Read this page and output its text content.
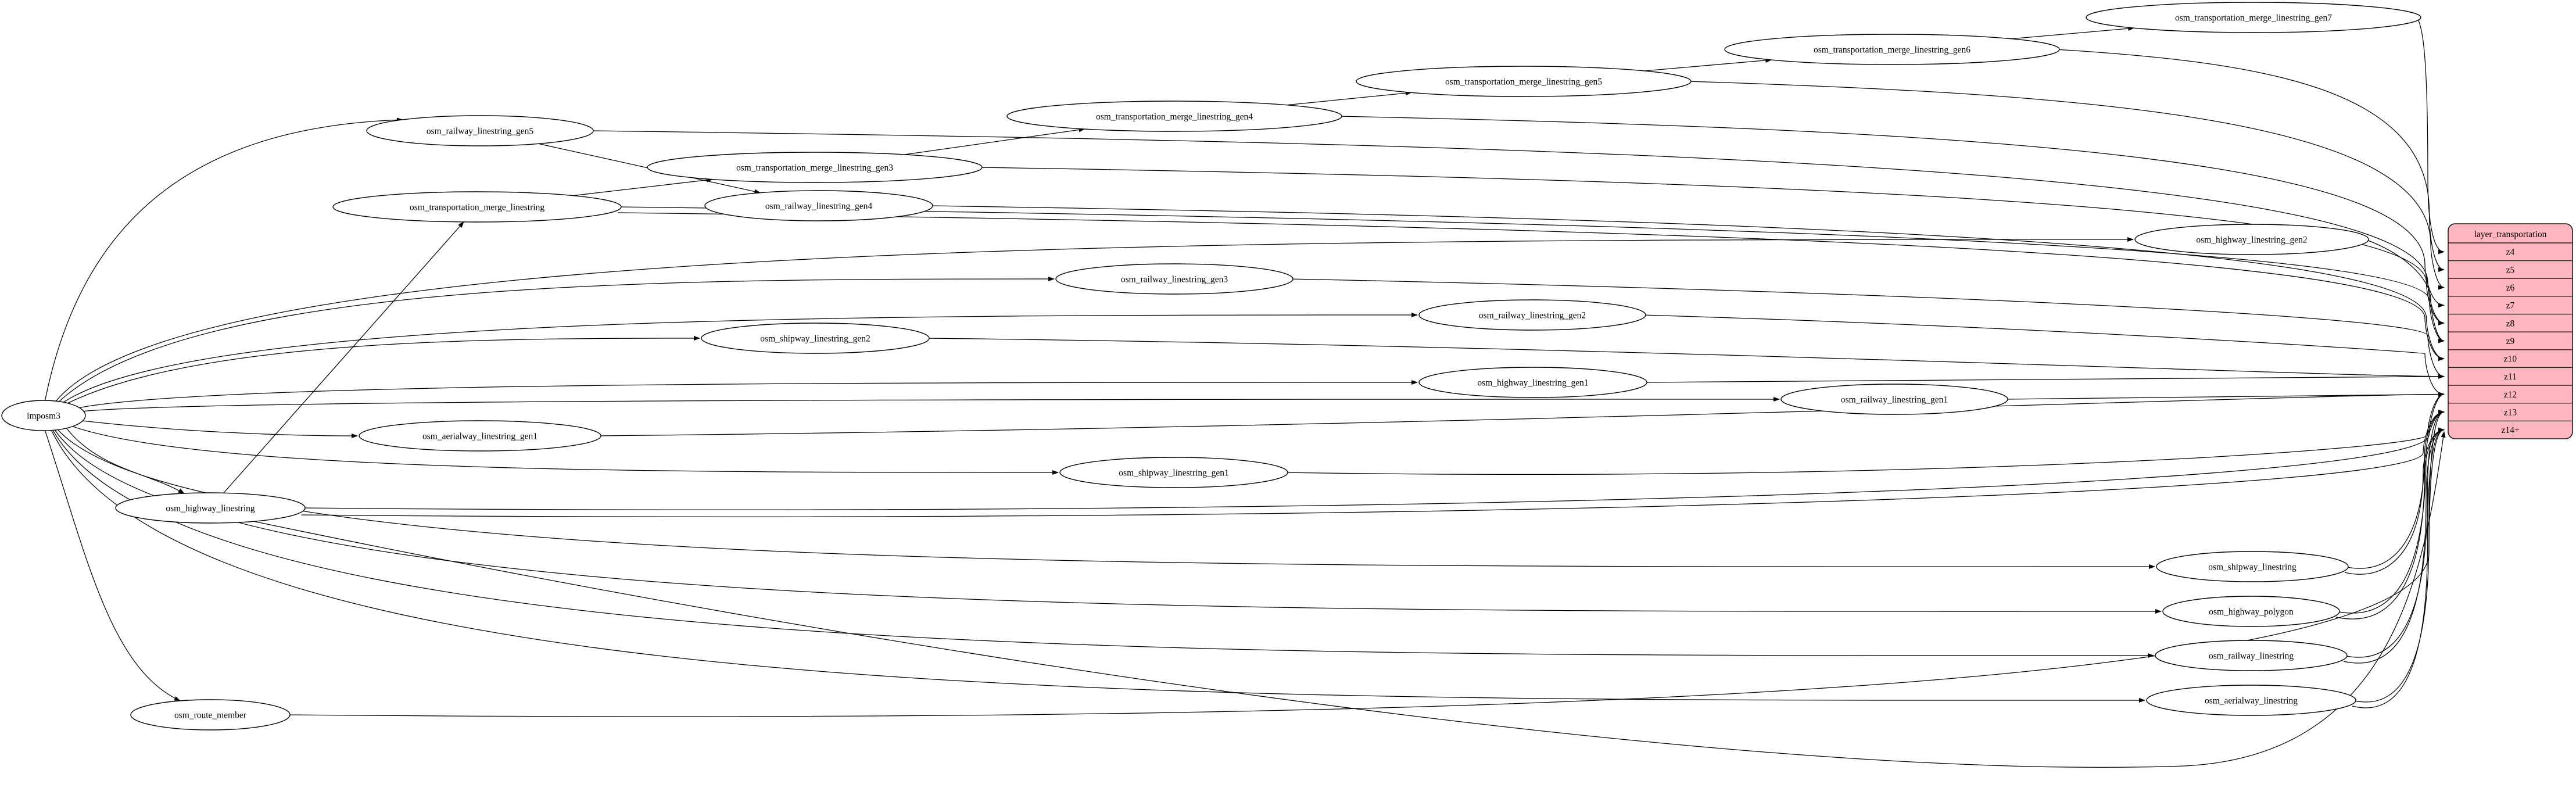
imposm3
osm_railway_linestring_gen5
osm_transportation_merge_linestring
osm_transportation_merge_linestring_gen3
osm_railway_linestring_gen4
osm_transportation_merge_linestring_gen4
osm_transportation_merge_linestring_gen5
osm_transportation_merge_linestring_gen6
osm_transportation_merge_linestring_gen7
osm_railway_linestring_gen3
osm_railway_linestring_gen2
osm_shipway_linestring_gen2
osm_highway_linestring_gen1
osm_railway_linestring_gen1
osm_highway_linestring_gen2
osm_aerialway_linestring_gen1
osm_shipway_linestring_gen1
osm_highway_linestring
osm_shipway_linestring
osm_highway_polygon
osm_railway_linestring
osm_aerialway_linestring
osm_route_member
layer_transportation
z4
z5
z6
z7
z8
z9
z10
z11
z12
z13
z14+
